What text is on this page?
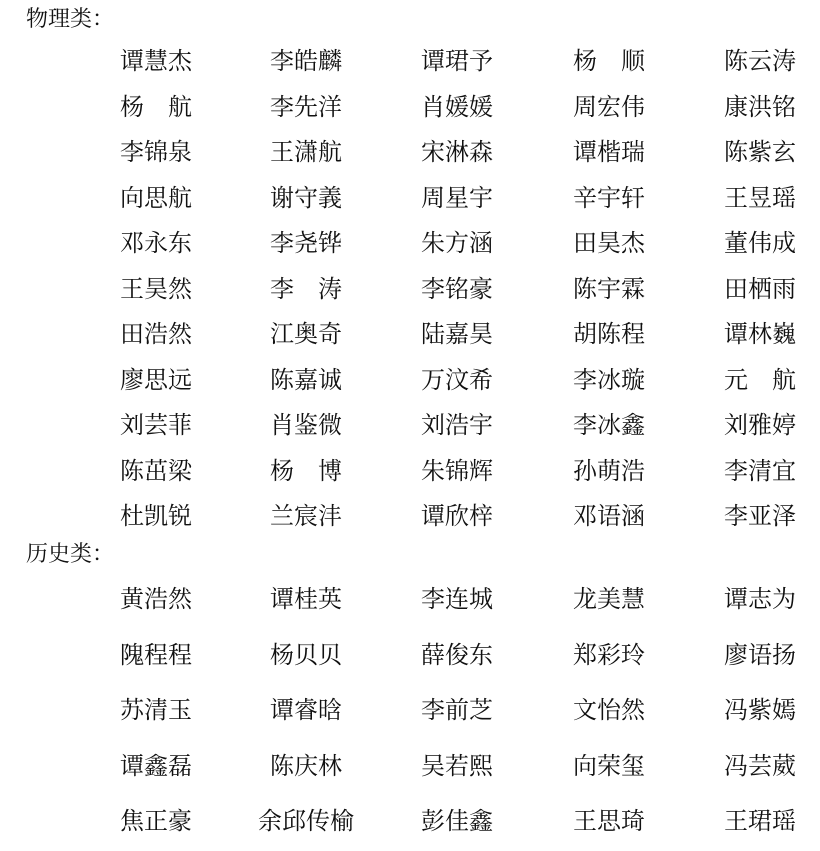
物理类：
谭慧杰	李皓麟	谭珺予	杨　顺	陈云涛
杨　航	李先洋	肖媛媛	周宏伟	康洪铭
李锦泉	王潇航	宋淋森	谭楷瑞	陈紫玄
向思航	谢守義	周星宇	辛宇轩	王昱瑶
邓永东	李尧铧	朱方涵	田昊杰	董伟成
王昊然	李　涛	李铭豪	陈宇霖	田栖雨
田浩然	江奥奇	陆嘉昊	胡陈程	谭林巍
廖思远	陈嘉诚	万汶希	李冰璇	元　航
刘芸菲	肖鉴微	刘浩宇	李冰鑫	刘雅婷
陈茁梁	杨　博	朱锦辉	孙萌浩	李清宜
杜凯锐	兰宸沣	谭欣梓	邓语涵	李亚泽
历史类：
黄浩然	谭桂英	李连城	龙美慧	谭志为
隗程程	杨贝贝	薛俊东	郑彩玲	廖语扬
苏清玉	谭睿晗	李前芝	文怡然	冯紫嫣
谭鑫磊	陈庆林	吴若熙	向荣玺	冯芸葳
焦正豪	余邱传榆	彭佳鑫	王思琦	王珺瑶
